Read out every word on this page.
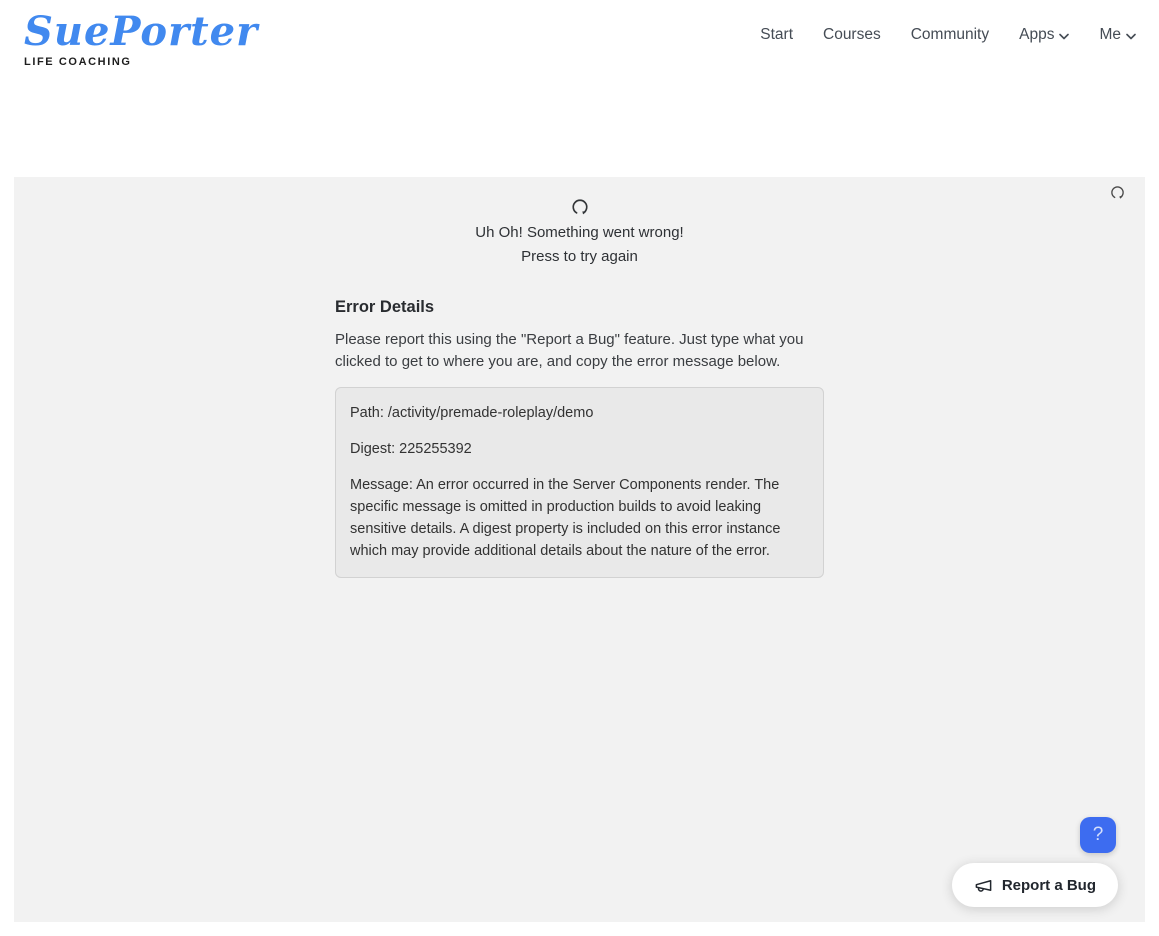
SuePorter
LIFE COACHING
Start Courses Community Apps	Me
Uh Oh! Something went wrong!
Press to try again
Error Details
Please report this using the "Report a Bug" feature. Just type what you clicked to get to where you are, and copy the error message below.

Path: /activity/premade-roleplay/demo

Digest: 225255392

Message: An error occurred in the Server Components render. The specific message is omitted in production builds to avoid leaking sensitive details. A digest property is included on this error instance which may provide additional details about the nature of the error.

?
Report a Bug
